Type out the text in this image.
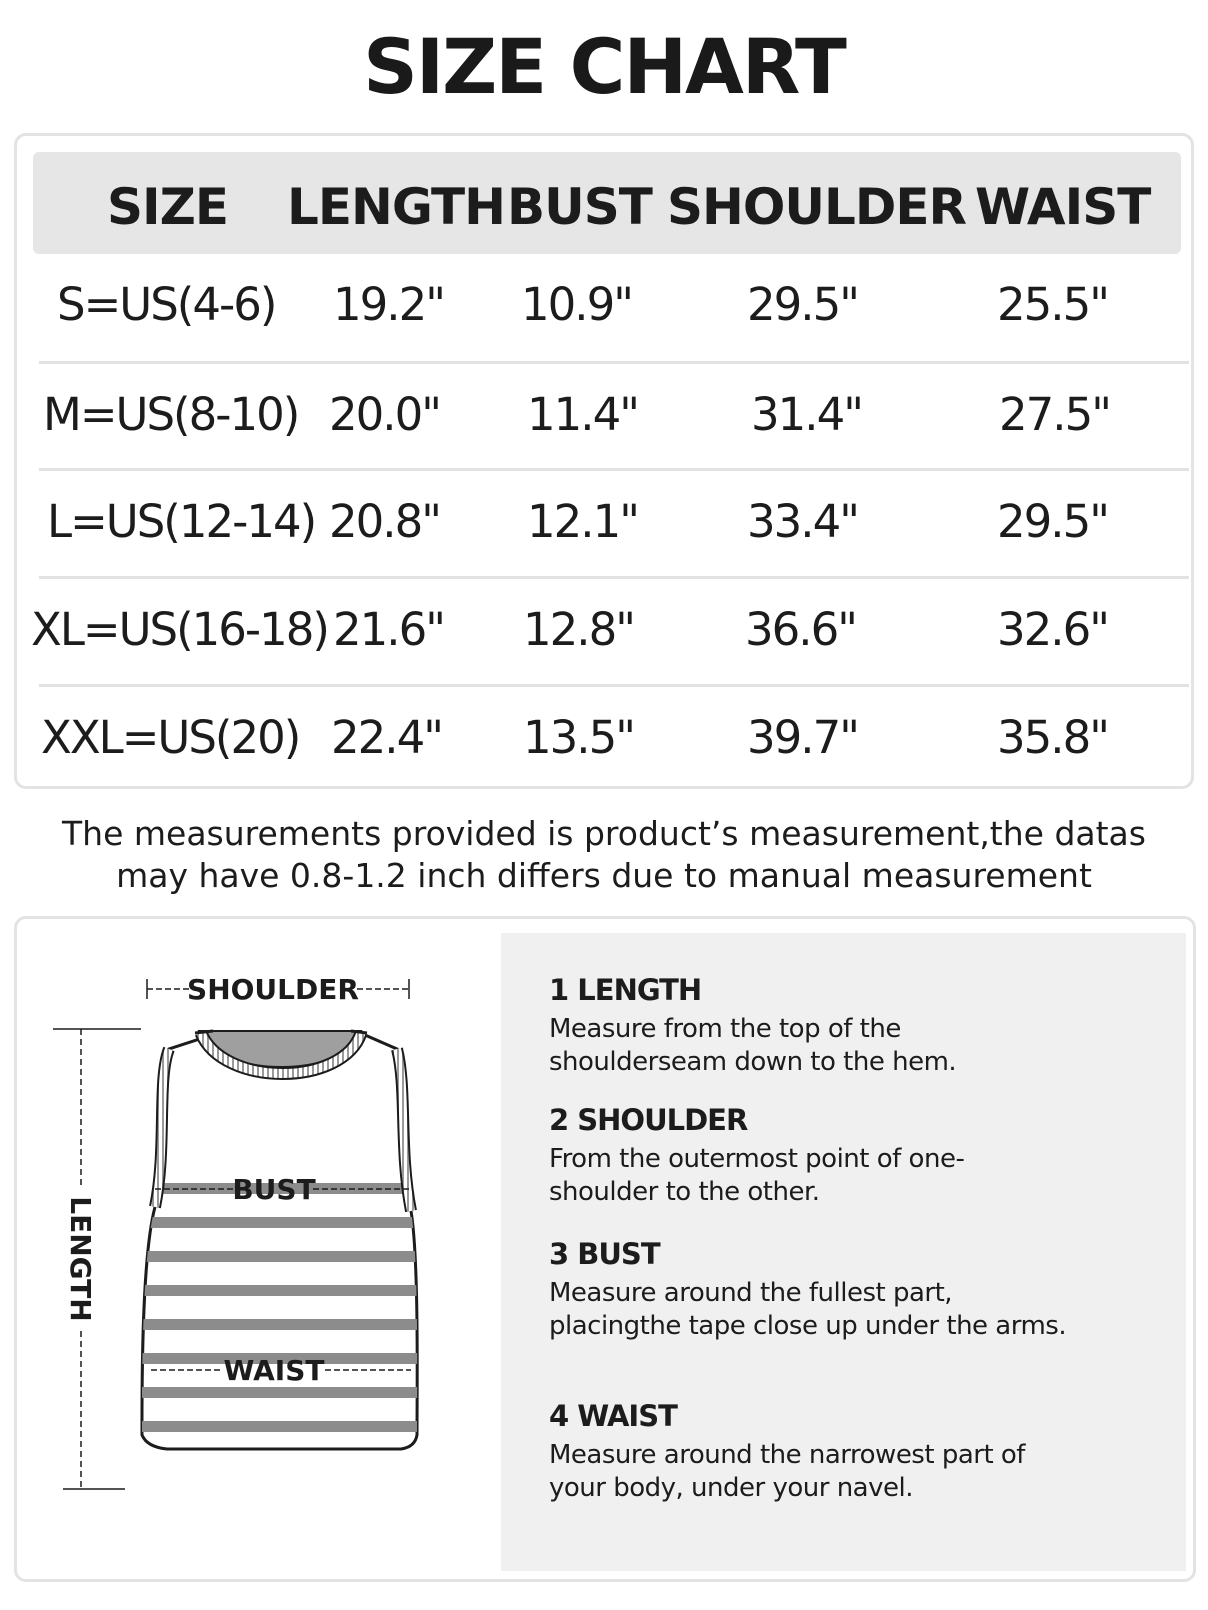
SIZE CHART
SIZE LENGTH BUST SHOULDER WAIST
S=US(4-6) 19.2" 10.9"	29.5"	25.5"
M=US(8-10) 20.0" 11.4"	31.4"	27.5"
L=US(12-14) 20.8" 12.1" 33.4"	29.5"
XL=US(16-18) 21.6" 12.8" 36.6"	32.6"
XXL=US(20) 22.4" 13.5"	39.7"	35.8"
The measurements provided is product’s measurement,the datas
may have 0.8-1.2 inch differs due to manual measurement
SHOULDER
BUST
WAIST
LENGTH
1 LENGTH
Measure from the top of the shoulderseam down to the hem.
2 SHOULDER
From the outermost point of one-shoulder to the other.
3 BUST
Measure around the fullest part, placingthe tape close up under the arms.
4 WAIST
Measure around the narrowest part of your body, under your navel.
